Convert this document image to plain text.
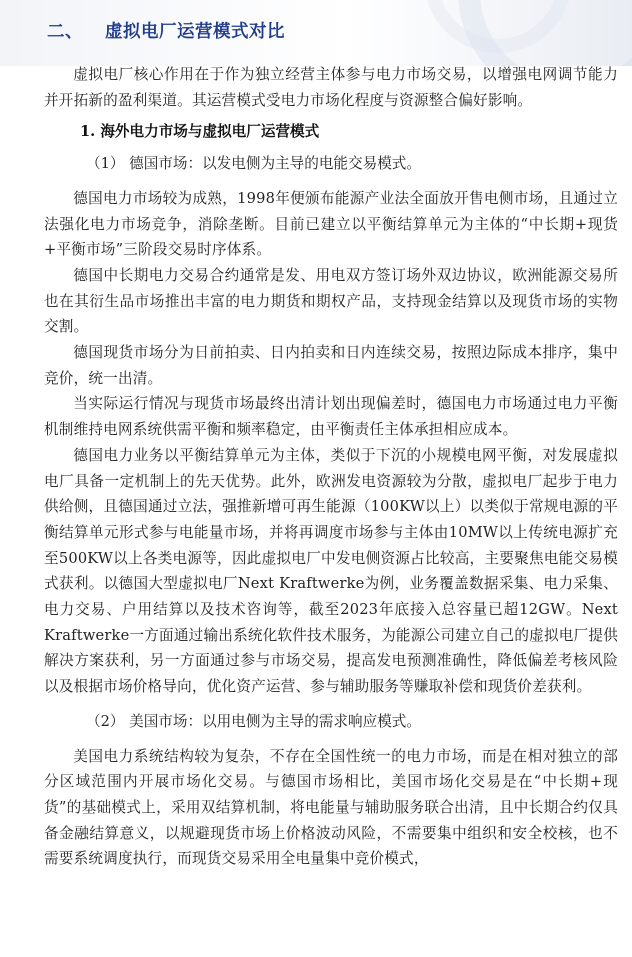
二、 虚拟电厂运营模式对比

虚拟电厂核心作用在于作为独立经营主体参与电力市场交易，以增强电网调节能力并开拓新的盈利渠道。其运营模式受电力市场化程度与资源整合偏好影响。

1. 海外电力市场与虚拟电厂运营模式

（1） 德国市场：以发电侧为主导的电能交易模式。

德国电力市场较为成熟，1998年便颁布能源产业法全面放开售电侧市场，且通过立法强化电力市场竞争，消除垄断。目前已建立以平衡结算单元为主体的“中长期+现货+平衡市场”三阶段交易时序体系。

德国中长期电力交易合约通常是发、用电双方签订场外双边协议，欧洲能源交易所也在其衍生品市场推出丰富的电力期货和期权产品，支持现金结算以及现货市场的实物交割。

德国现货市场分为日前拍卖、日内拍卖和日内连续交易，按照边际成本排序，集中竞价，统一出清。

当实际运行情况与现货市场最终出清计划出现偏差时，德国电力市场通过电力平衡机制维持电网系统供需平衡和频率稳定，由平衡责任主体承担相应成本。

德国电力业务以平衡结算单元为主体，类似于下沉的小规模电网平衡，对发展虚拟电厂具备一定机制上的先天优势。此外，欧洲发电资源较为分散，虚拟电厂起步于电力供给侧，且德国通过立法，强推新增可再生能源（100KW以上）以类似于常规电源的平衡结算单元形式参与电能量市场，并将再调度市场参与主体由10MW以上传统电源扩充至500KW以上各类电源等，因此虚拟电厂中发电侧资源占比较高，主要聚焦电能交易模式获利。以德国大型虚拟电厂Next Kraftwerke为例，业务覆盖数据采集、电力采集、电力交易、户用结算以及技术咨询等，截至2023年底接入总容量已超12GW。Next Kraftwerke一方面通过输出系统化软件技术服务，为能源公司建立自己的虚拟电厂提供解决方案获利，另一方面通过参与市场交易，提高发电预测准确性，降低偏差考核风险以及根据市场价格导向，优化资产运营、参与辅助服务等赚取补偿和现货价差获利。

（2） 美国市场：以用电侧为主导的需求响应模式。

美国电力系统结构较为复杂，不存在全国性统一的电力市场，而是在相对独立的部分区域范围内开展市场化交易。与德国市场相比，美国市场化交易是在“中长期+现货”的基础模式上，采用双结算机制，将电能量与辅助服务联合出清，且中长期合约仅具备金融结算意义，以规避现货市场上价格波动风险，不需要集中组织和安全校核，也不需要系统调度执行，而现货交易采用全电量集中竞价模式，
